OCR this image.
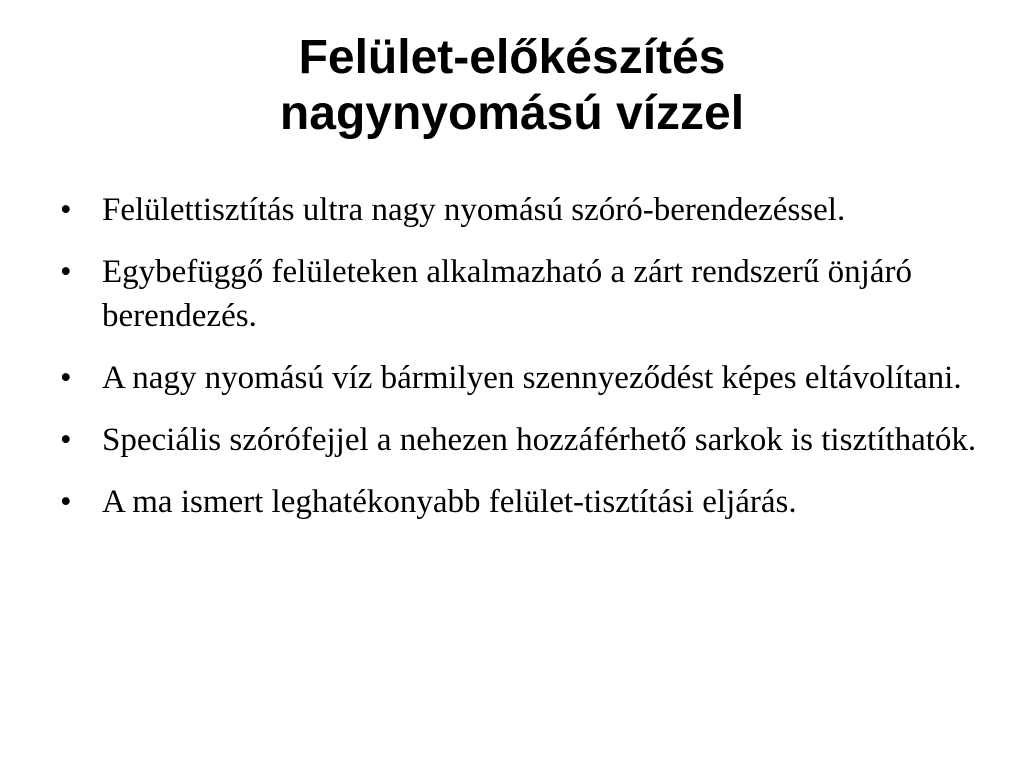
Felület-előkészítés
nagynyomású vízzel
• Felülettisztítás ultra nagy nyomású szóró-berendezéssel.
• Egybefüggő felületeken alkalmazható a zárt rendszerű önjáró berendezés.
• A nagy nyomású víz bármilyen szennyeződést képes eltávolítani.
• Speciális szórófejjel a nehezen hozzáférhető sarkok is tisztíthatók.
• A ma ismert leghatékonyabb felület-tisztítási eljárás.
